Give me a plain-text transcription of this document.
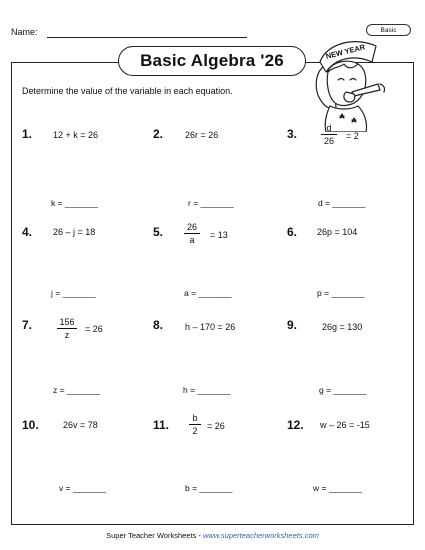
Name:	Basic
Basic Algebra '26	NEW YEAR
Determine the value of the variable in each equation.
1. 12 + k = 26
k = _______
2. 26r = 26
r = _______
3.	$\frac{d}{26} = 2$
d = _______
4. 26 – j = 18
j = _______
5. $\frac{26}{a} = 13$
a = _______
6. 26p = 104
p = _______
7.	$\frac{156}{z} = 26$
z = _______
8. h – 170 = 26
h = _______
9.	26g = 130
g = _______
10.	26v = 78
v = _______
11. $\frac{b}{2} = 26$
b = _______
12. w – 26 = -15
w = _______
Super Teacher Worksheets - www.superteacherworksheets.com
